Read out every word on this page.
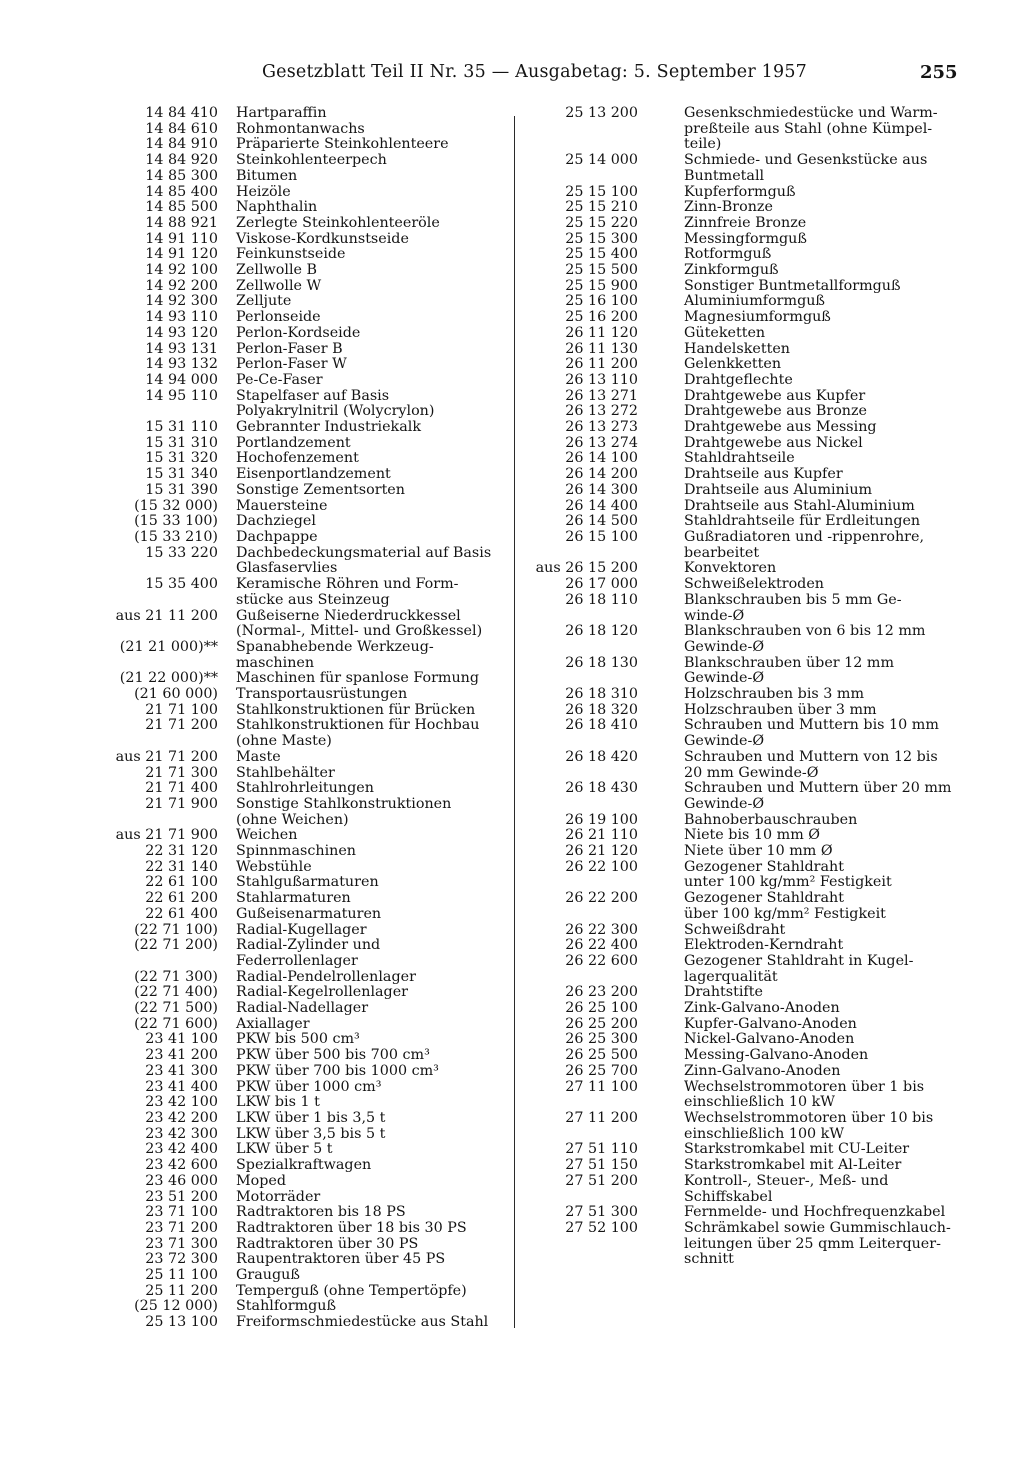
Gesetzblatt Teil II Nr. 35 — Ausgabetag: 5. September 1957	255
14 84 410	Hartparaffin
14 84 610	Rohmontanwachs
14 84 910	Präparierte Steinkohlenteere
14 84 920	Steinkohlenteerpech
14 85 300	Bitumen
14 85 400	Heizöle
14 85 500	Naphthalin
14 88 921	Zerlegte Steinkohlenteeröle
14 91 110	Viskose-Kordkunstseide
14 91 120	Feinkunstseide
14 92 100	Zellwolle B
14 92 200	Zellwolle W
14 92 300	Zelljute
14 93 110	Perlonseide
14 93 120	Perlon-Kordseide
14 93 131	Perlon-Faser B
14 93 132	Perlon-Faser W
14 94 000	Pe-Ce-Faser
14 95 110	Stapelfaser auf Basis
Polyakrylnitril (Wolycrylon)
15 31 110	Gebrannter Industriekalk
15 31 310	Portlandzement
15 31 320	Hochofenzement
15 31 340	Eisenportlandzement
15 31 390	Sonstige Zementsorten
(15 32 000)	Mauersteine
(15 33 100)	Dachziegel
(15 33 210)	Dachpappe
15 33 220	Dachbedeckungsmaterial auf Basis
Glasfaservlies
15 35 400	Keramische Röhren und Form-
stücke aus Steinzeug
aus 21 11 200	Gußeiserne Niederdruckkessel
(Normal-, Mittel- und Großkessel)
(21 21 000)**	Spanabhebende Werkzeug-
maschinen
(21 22 000)**	Maschinen für spanlose Formung
(21 60 000)	Transportausrüstungen
21 71 100	Stahlkonstruktionen für Brücken
21 71 200	Stahlkonstruktionen für Hochbau
(ohne Maste)
aus 21 71 200	Maste
21 71 300	Stahlbehälter
21 71 400	Stahlrohrleitungen
21 71 900	Sonstige Stahlkonstruktionen
(ohne Weichen)
aus 21 71 900	Weichen
22 31 120	Spinnmaschinen
22 31 140	Webstühle
22 61 100	Stahlgußarmaturen
22 61 200	Stahlarmaturen
22 61 400	Gußeisenarmaturen
(22 71 100)	Radial-Kugellager
(22 71 200)	Radial-Zylinder und
Federrollenlager
(22 71 300)	Radial-Pendelrollenlager
(22 71 400)	Radial-Kegelrollenlager
(22 71 500)	Radial-Nadellager
(22 71 600)	Axiallager
23 41 100	PKW bis 500 cm³
23 41 200	PKW über 500 bis 700 cm³
23 41 300	PKW über 700 bis 1000 cm³
23 41 400	PKW über 1000 cm³
23 42 100	LKW bis 1 t
23 42 200	LKW über 1 bis 3,5 t
23 42 300	LKW über 3,5 bis 5 t
23 42 400	LKW über 5 t
23 42 600	Spezialkraftwagen
23 46 000	Moped
23 51 200	Motorräder
23 71 100	Radtraktoren bis 18 PS
23 71 200	Radtraktoren über 18 bis 30 PS
23 71 300	Radtraktoren über 30 PS
23 72 300	Raupentraktoren über 45 PS
25 11 100	Grauguß
25 11 200	Temperguß (ohne Tempertöpfe)
(25 12 000)	Stahlformguß
25 13 100	Freiformschmiedestücke aus Stahl
25 13 200	Gesenkschmiedestücke und Warm-
preßteile aus Stahl (ohne Kümpel-
teile)
25 14 000	Schmiede- und Gesenkstücke aus
Buntmetall
25 15 100	Kupferformguß
25 15 210	Zinn-Bronze
25 15 220	Zinnfreie Bronze
25 15 300	Messingformguß
25 15 400	Rotformguß
25 15 500	Zinkformguß
25 15 900	Sonstiger Buntmetallformguß
25 16 100	Aluminiumformguß
25 16 200	Magnesiumformguß
26 11 120	Güteketten
26 11 130	Handelsketten
26 11 200	Gelenkketten
26 13 110	Drahtgeflechte
26 13 271	Drahtgewebe aus Kupfer
26 13 272	Drahtgewebe aus Bronze
26 13 273	Drahtgewebe aus Messing
26 13 274	Drahtgewebe aus Nickel
26 14 100	Stahldrahtseile
26 14 200	Drahtseile aus Kupfer
26 14 300	Drahtseile aus Aluminium
26 14 400	Drahtseile aus Stahl-Aluminium
26 14 500	Stahldrahtseile für Erdleitungen
26 15 100	Gußradiatoren und -rippenrohre,
bearbeitet
aus 26 15 200	Konvektoren
26 17 000	Schweißelektroden
26 18 110	Blankschrauben bis 5 mm Ge-
winde-Ø
26 18 120	Blankschrauben von 6 bis 12 mm
Gewinde-Ø
26 18 130	Blankschrauben über 12 mm
Gewinde-Ø
26 18 310	Holzschrauben bis 3 mm
26 18 320	Holzschrauben über 3 mm
26 18 410	Schrauben und Muttern bis 10 mm
Gewinde-Ø
26 18 420	Schrauben und Muttern von 12 bis
20 mm Gewinde-Ø
26 18 430	Schrauben und Muttern über 20 mm
Gewinde-Ø
26 19 100	Bahnoberbauschrauben
26 21 110	Niete bis 10 mm Ø
26 21 120	Niete über 10 mm Ø
26 22 100	Gezogener Stahldraht
unter 100 kg/mm² Festigkeit
26 22 200	Gezogener Stahldraht
über 100 kg/mm² Festigkeit
26 22 300	Schweißdraht
26 22 400	Elektroden-Kerndraht
26 22 600	Gezogener Stahldraht in Kugel-
lagerqualität
26 23 200	Drahtstifte
26 25 100	Zink-Galvano-Anoden
26 25 200	Kupfer-Galvano-Anoden
26 25 300	Nickel-Galvano-Anoden
26 25 500	Messing-Galvano-Anoden
26 25 700	Zinn-Galvano-Anoden
27 11 100	Wechselstrommotoren über 1 bis
einschließlich 10 kW
27 11 200	Wechselstrommotoren über 10 bis
einschließlich 100 kW
27 51 110	Starkstromkabel mit CU-Leiter
27 51 150	Starkstromkabel mit Al-Leiter
27 51 200	Kontroll-, Steuer-, Meß- und
Schiffskabel
27 51 300	Fernmelde- und Hochfrequenzkabel
27 52 100	Schrämkabel sowie Gummischlauch-
leitungen über 25 qmm Leiterquer-
schnitt
